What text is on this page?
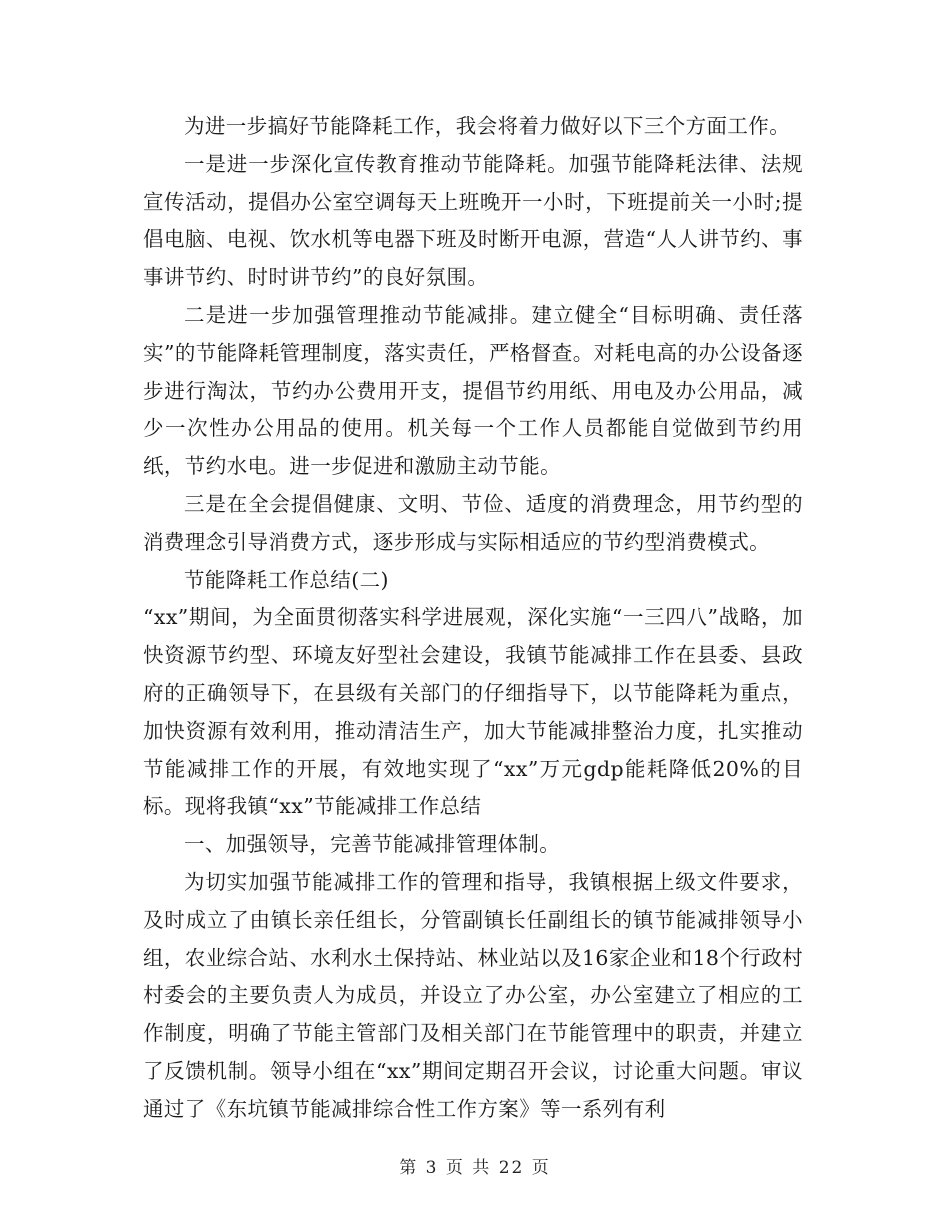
为进一步搞好节能降耗工作，我会将着力做好以下三个方面工作。

一是进一步深化宣传教育推动节能降耗。加强节能降耗法律、法规宣传活动，提倡办公室空调每天上班晚开一小时，下班提前关一小时;提倡电脑、电视、饮水机等电器下班及时断开电源，营造“人人讲节约、事事讲节约、时时讲节约”的良好氛围。

二是进一步加强管理推动节能减排。建立健全“目标明确、责任落实”的节能降耗管理制度，落实责任，严格督查。对耗电高的办公设备逐步进行淘汰，节约办公费用开支，提倡节约用纸、用电及办公用品，减少一次性办公用品的使用。机关每一个工作人员都能自觉做到节约用纸，节约水电。进一步促进和激励主动节能。

三是在全会提倡健康、文明、节俭、适度的消费理念，用节约型的消费理念引导消费方式，逐步形成与实际相适应的节约型消费模式。

节能降耗工作总结(二)

“xx”期间，为全面贯彻落实科学进展观，深化实施“一三四八”战略，加快资源节约型、环境友好型社会建设，我镇节能减排工作在县委、县政府的正确领导下，在县级有关部门的仔细指导下，以节能降耗为重点，加快资源有效利用，推动清洁生产，加大节能减排整治力度，扎实推动节能减排工作的开展，有效地实现了“xx”万元gdp能耗降低20%的目标。现将我镇“xx”节能减排工作总结

一、加强领导，完善节能减排管理体制。

为切实加强节能减排工作的管理和指导，我镇根据上级文件要求，及时成立了由镇长亲任组长，分管副镇长任副组长的镇节能减排领导小组，农业综合站、水利水土保持站、林业站以及16家企业和18个行政村村委会的主要负责人为成员，并设立了办公室，办公室建立了相应的工作制度，明确了节能主管部门及相关部门在节能管理中的职责，并建立了反馈机制。领导小组在“xx”期间定期召开会议，讨论重大问题。审议通过了《东坑镇节能减排综合性工作方案》等一系列有利

第 3 页 共 22 页
